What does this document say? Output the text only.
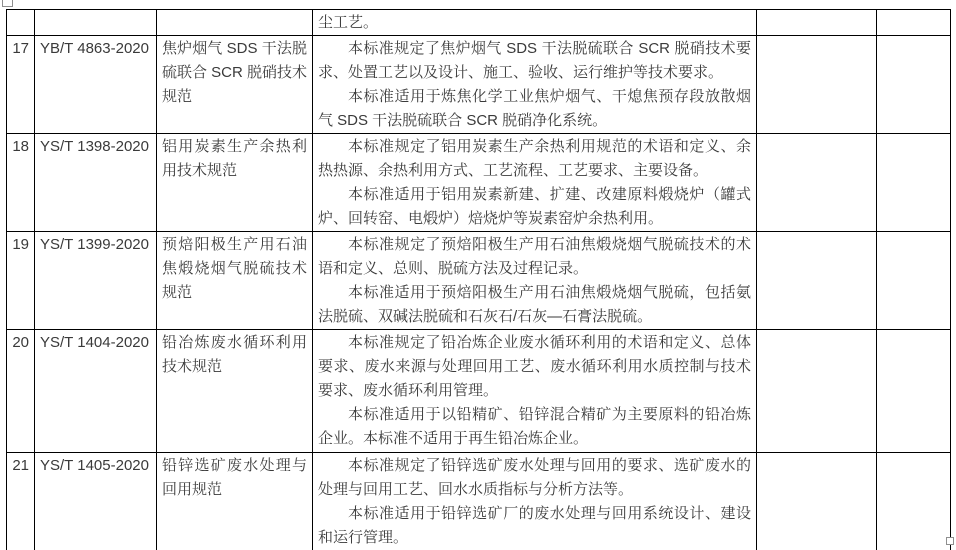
			尘工艺。		

17	YB/T 4863-2020	焦炉烟气 SDS 干法脱硫联合 SCR 脱硝技术规范	本标准规定了焦炉烟气 SDS 干法脱硫联合 SCR 脱硝技术要求、处置工艺以及设计、施工、验收、运行维护等技术要求。

本标准适用于炼焦化学工业焦炉烟气、干熄焦预存段放散烟气 SDS 干法脱硫联合 SCR 脱硝净化系统。		

18	YS/T 1398-2020	铝用炭素生产余热利用技术规范	本标准规定了铝用炭素生产余热利用规范的术语和定义、余热热源、余热利用方式、工艺流程、工艺要求、主要设备。

本标准适用于铝用炭素新建、扩建、改建原料煅烧炉（罐式炉、回转窑、电煅炉）焙烧炉等炭素窑炉余热利用。		

19	YS/T 1399-2020	预焙阳极生产用石油焦煅烧烟气脱硫技术规范	本标准规定了预焙阳极生产用石油焦煅烧烟气脱硫技术的术语和定义、总则、脱硫方法及过程记录。

本标准适用于预焙阳极生产用石油焦煅烧烟气脱硫，包括氨法脱硫、双碱法脱硫和石灰石/石灰—石膏法脱硫。		

20	YS/T 1404-2020	铅冶炼废水循环利用技术规范	本标准规定了铅冶炼企业废水循环利用的术语和定义、总体要求、废水来源与处理回用工艺、废水循环利用水质控制与技术要求、废水循环利用管理。

本标准适用于以铅精矿、铅锌混合精矿为主要原料的铅冶炼企业。本标准不适用于再生铅冶炼企业。		

21	YS/T 1405-2020	铅锌选矿废水处理与回用规范	本标准规定了铅锌选矿废水处理与回用的要求、选矿废水的处理与回用工艺、回水水质指标与分析方法等。

本标准适用于铅锌选矿厂的废水处理与回用系统设计、建设和运行管理。		
